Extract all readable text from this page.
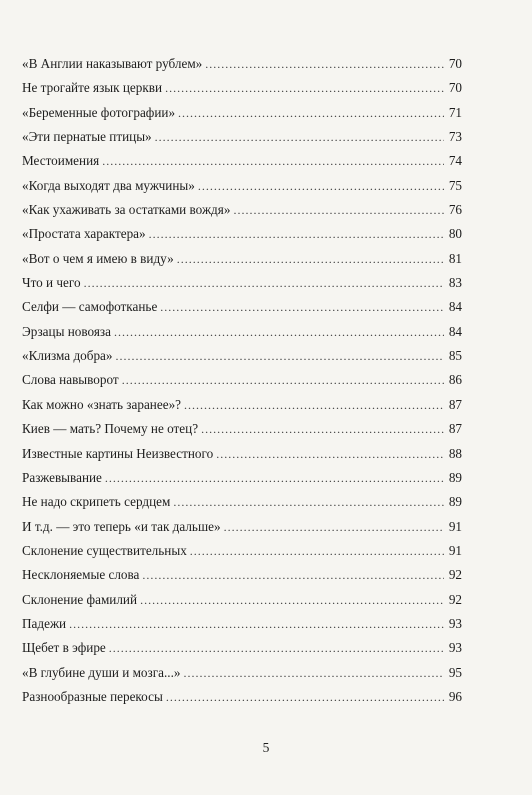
«В Англии наказывают рублем» .....	70
Не трогайте язык церкви .....	70
«Беременные фотографии» .....	71
«Эти пернатые птицы» .....	73
Местоимения .....	74
«Когда выходят два мужчины» .....	75
«Как ухаживать за остатками вождя» .....	76
«Простата характера» .....	80
«Вот о чем я имею в виду» .....	81
Что и чего .....	83
Селфи — самофотканье .....	84
Эрзацы новояза .....	84
«Клизма добра» .....	85
Слова навыворот .....	86
Как можно «знать заранее»? .....	87
Киев — мать? Почему не отец? .....	87
Известные картины Неизвестного .....	88
Разжевывание .....	89
Не надо скрипеть сердцем .....	89
И т.д. — это теперь «и так дальше» .....	91
Склонение существительных .....	91
Несклоняемые слова .....	92
Склонение фамилий .....	92
Падежи .....	93
Щебет в эфире .....	93
«В глубине души и мозга...» .....	95
Разнообразные перекосы .....	96
5
